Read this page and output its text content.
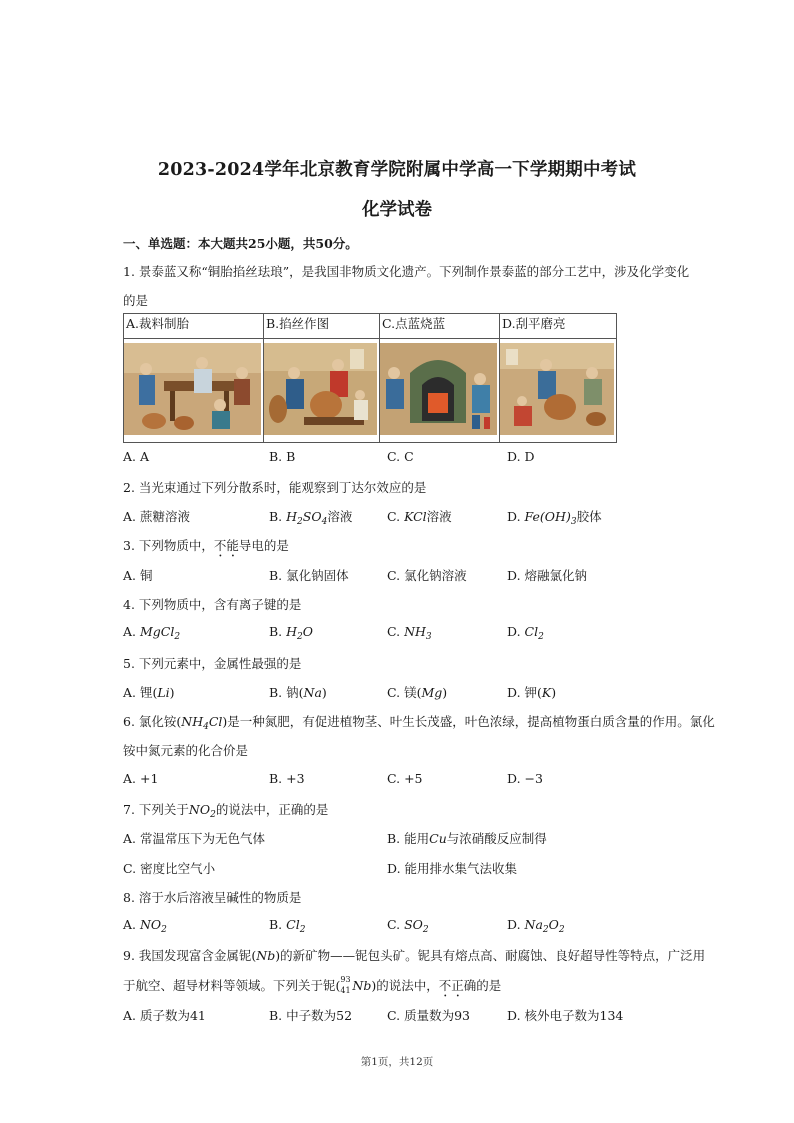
2023-2024学年北京教育学院附属中学高一下学期期中考试
化学试卷
一、单选题：本大题共25小题，共50分。
1. 景泰蓝又称“铜胎掐丝珐琅”，是我国非物质文化遗产。下列制作景泰蓝的部分工艺中，涉及化学变化
的是
A.裁料制胎	B.掐丝作图	C.点蓝烧蓝	D.刮平磨亮

A. A	B. B	C. C	D. D
2. 当光束通过下列分散系时，能观察到丁达尔效应的是
A. 蔗糖溶液	B. $H_2SO_4$溶液	C. KCl溶液	D. $Fe(OH)_3$胶体
3. 下列物质中，不能导电的是
A. 铜	B. 氯化钠固体	C. 氯化钠溶液	D. 熔融氯化钠
4. 下列物质中，含有离子键的是
A. MgCl$_2$	B. $H_2O$	C. $NH_3$	D. $Cl_2$
5. 下列元素中，金属性最强的是
A. 锂(Li)	B. 钠(Na)	C. 镁(Mg)	D. 钾(K)
6. 氯化铵$(NH_4Cl)$是一种氮肥，有促进植物茎、叶生长茂盛，叶色浓绿，提高植物蛋白质含量的作用。氯化
铵中氮元素的化合价是
A. +1	B. +3	C. +5	D. −3
7. 下列关于$NO_2$的说法中，正确的是
A. 常温常压下为无色气体	B. 能用Cu与浓硝酸反应制得
C. 密度比空气小	D. 能用排水集气法收集
8. 溶于水后溶液呈碱性的物质是
A. $NO_2$	B. $Cl_2$	C. $SO_2$	D. $Na_2O_2$
9. 我国发现富含金属铌(Nb)的新矿物——铌包头矿。铌具有熔点高、耐腐蚀、良好超导性等特点，广泛用
于航空、超导材料等领域。下列关于铌( 93
41 Nb)的说法中，不正确的是
A. 质子数为41	B. 中子数为52	C. 质量数为93	D. 核外电子数为134
第1页，共12页
